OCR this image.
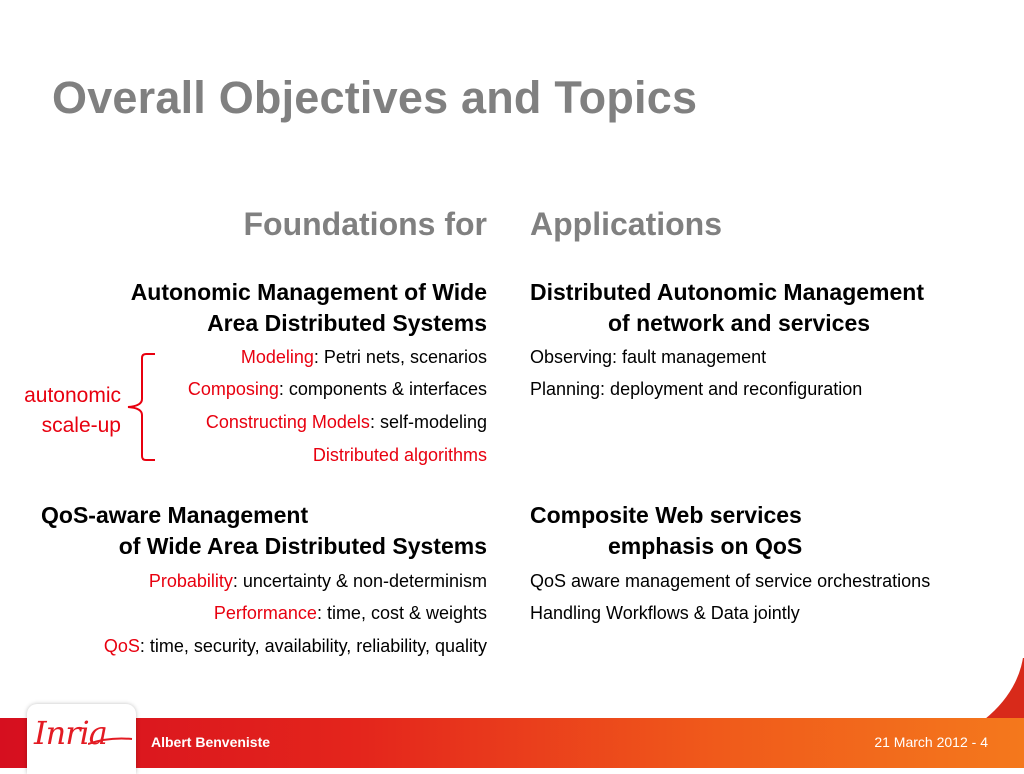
Overall Objectives and Topics
Foundations for Applications
Autonomic Management of Wide
Area Distributed Systems
Modeling: Petri nets, scenarios
Composing: components & interfaces
Constructing Models: self-modeling
Distributed algorithms
autonomic
scale-up
Distributed Autonomic Management
of network and services
Observing: fault management
Planning: deployment and reconfiguration
QoS-aware Management
of Wide Area Distributed Systems
Probability: uncertainty & non-determinism
Performance: time, cost & weights
QoS: time, security, availability, reliability, quality
Composite Web services
emphasis on QoS
QoS aware management of service orchestrations
Handling Workflows & Data jointly
Inria	Albert Benveniste	21 March 2012 - 4
